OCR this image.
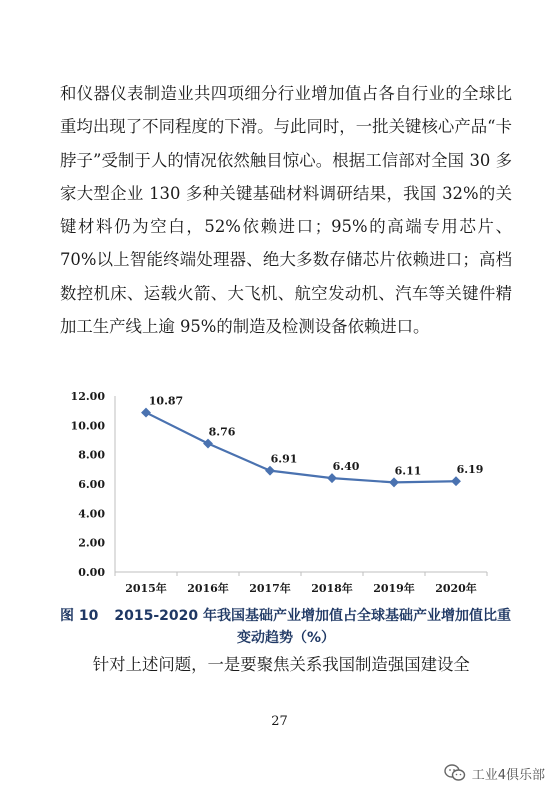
和仪器仪表制造业共四项细分行业增加值占各自行业的全球比重均出现了不同程度的下滑。与此同时，一批关键核心产品“卡脖子”受制于人的情况依然触目惊心。根据工信部对全国 30 多家大型企业 130 多种关键基础材料调研结果，我国 32%的关键材料仍为空白，52%依赖进口；95%的高端专用芯片、70%以上智能终端处理器、绝大多数存储芯片依赖进口；高档数控机床、运载火箭、大飞机、航空发动机、汽车等关键件精加工生产线上逾 95%的制造及检测设备依赖进口。

0.00
2.00
4.00
6.00
8.00
10.00
12.00
2015年 2016年 2017年 2018年 2019年 2020年
10.87
8.76
6.91
6.40	6.11	6.19
图 10 2015-2020 年我国基础产业增加值占全球基础产业增加值比重
变动趋势（%）

针对上述问题，一是要聚焦关系我国制造强国建设全

27
工业4俱乐部
